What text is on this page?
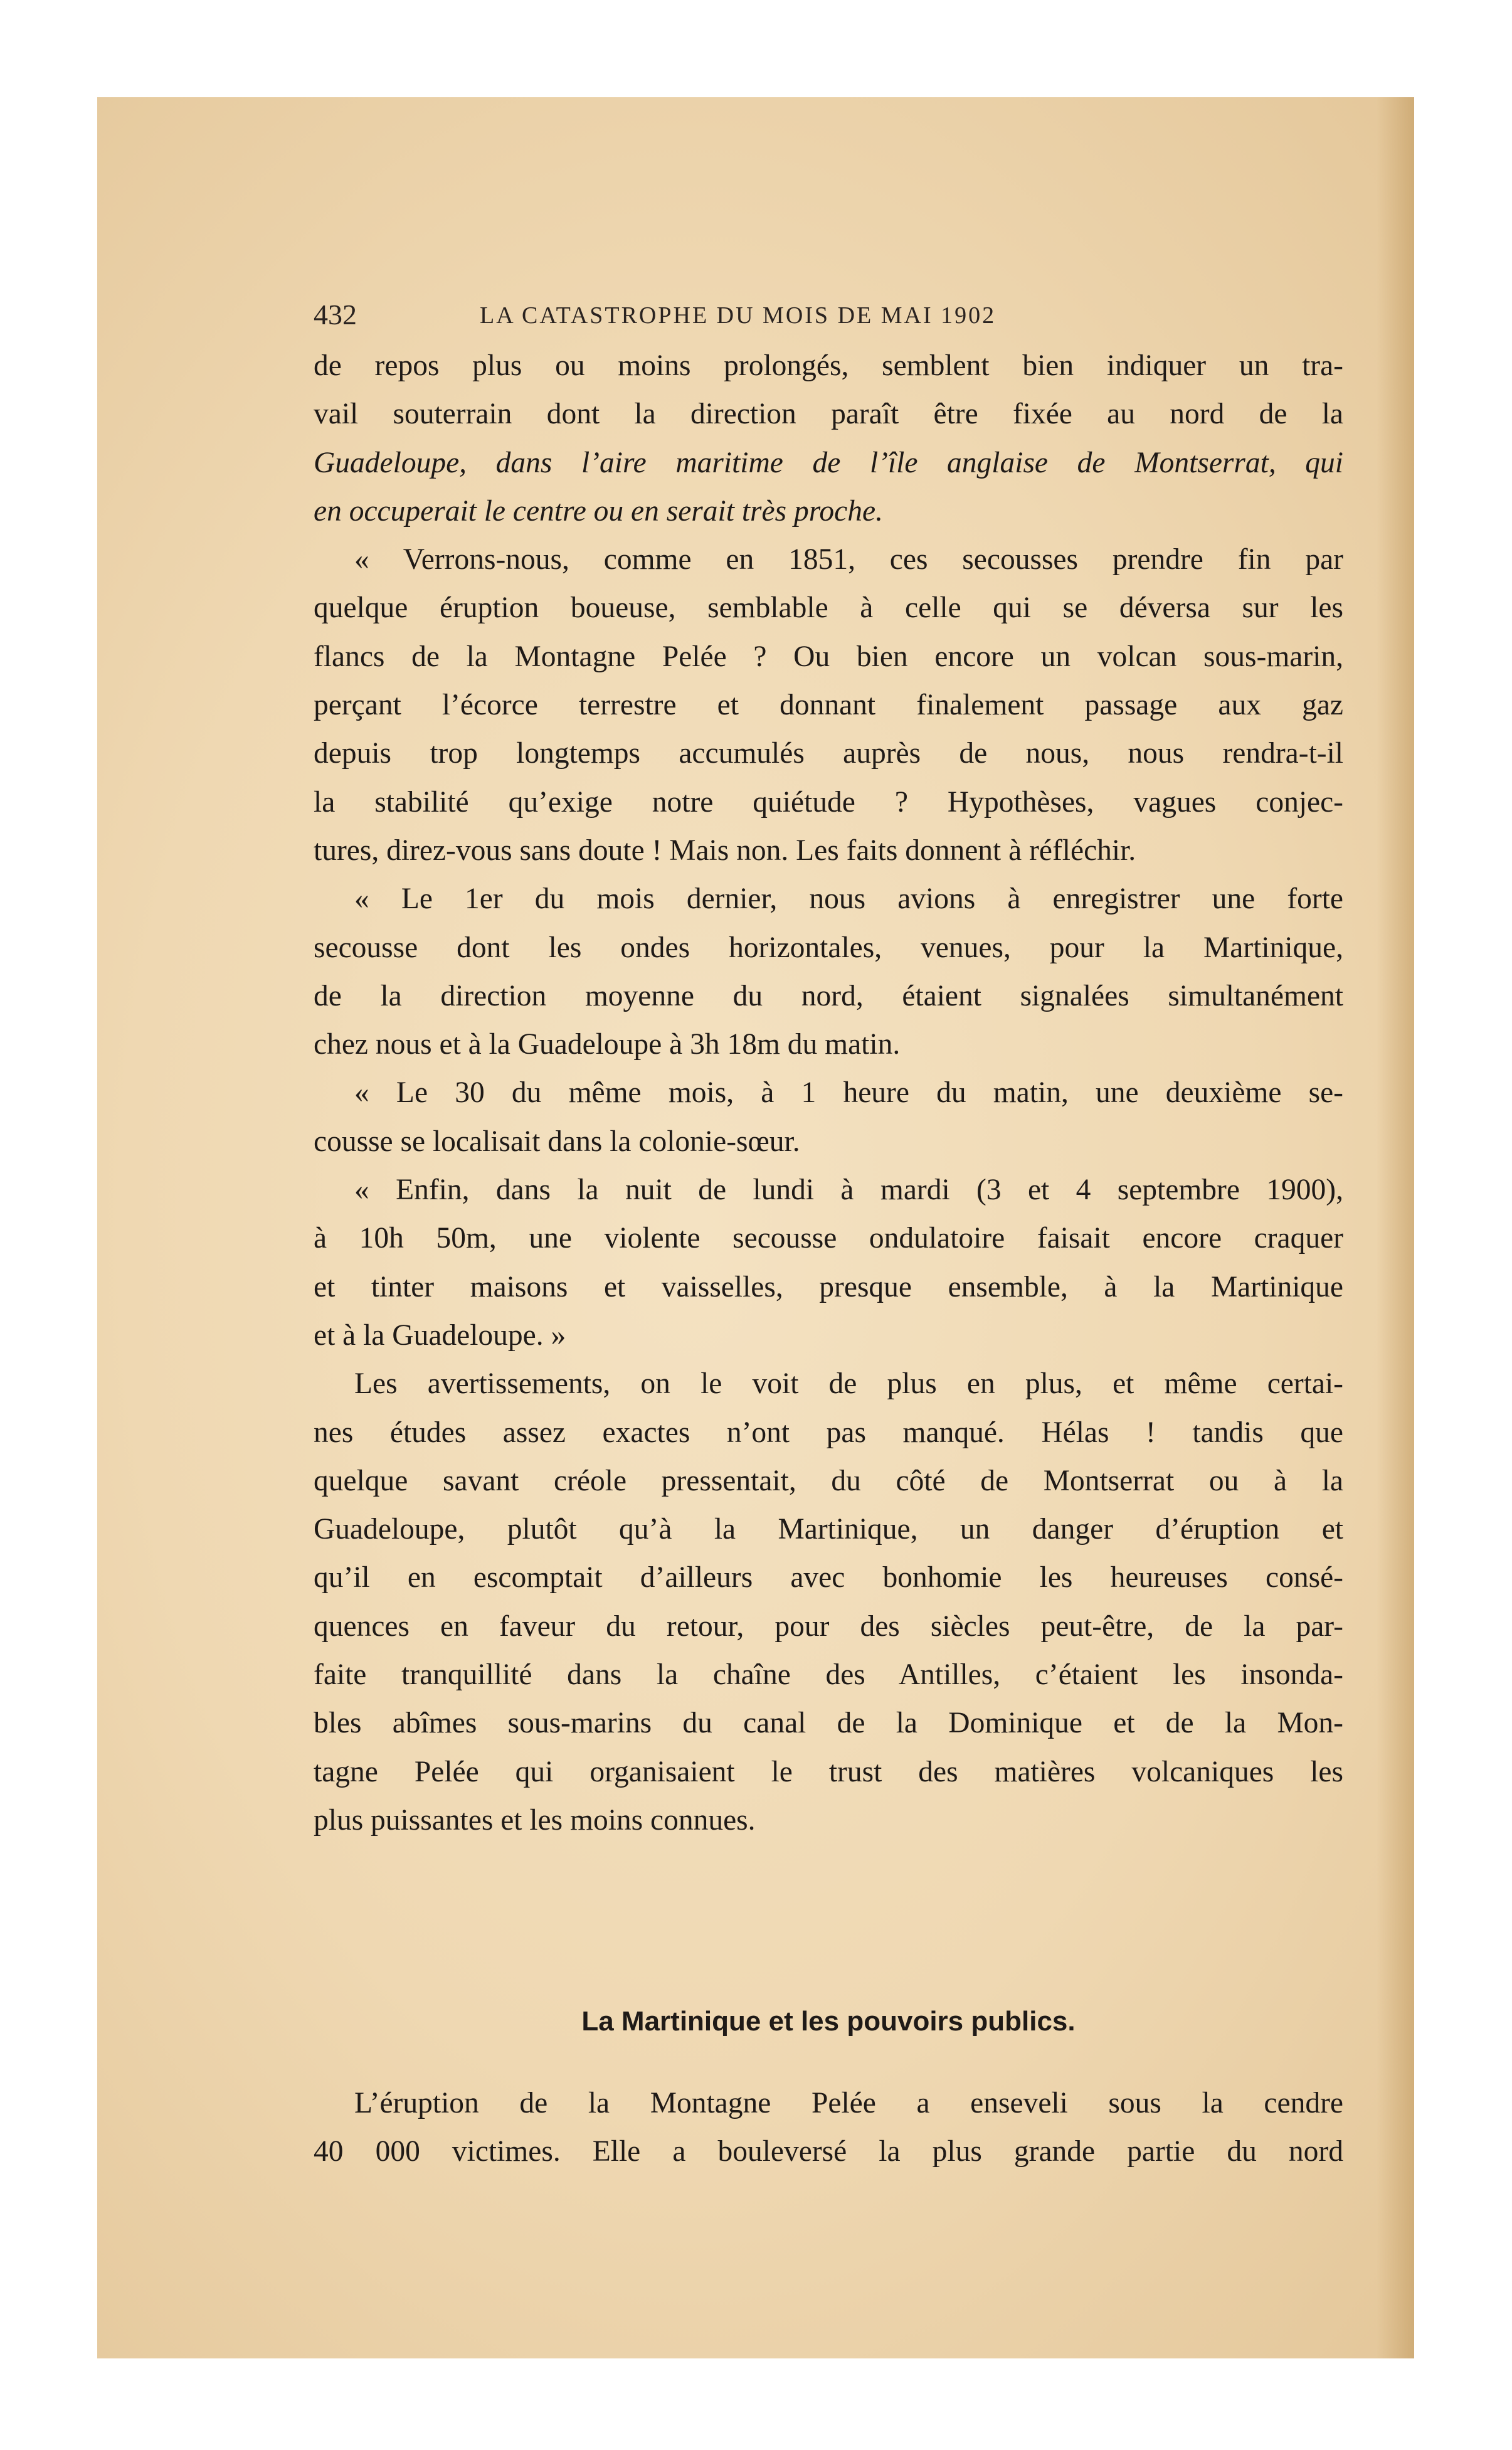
432	LA CATASTROPHE DU MOIS DE MAI 1902
de repos plus ou moins prolongés, semblent bien indiquer un tra-
vail souterrain dont la direction paraît être fixée au nord de la
Guadeloupe, dans l’aire maritime de l’île anglaise de Montserrat, qui
en occuperait le centre ou en serait très proche.
« Verrons-nous, comme en 1851, ces secousses prendre fin par
quelque éruption boueuse, semblable à celle qui se déversa sur les
flancs de la Montagne Pelée ? Ou bien encore un volcan sous-marin,
perçant l’écorce terrestre et donnant finalement passage aux gaz
depuis trop longtemps accumulés auprès de nous, nous rendra-t-il
la stabilité qu’exige notre quiétude ? Hypothèses, vagues conjec-
tures, direz-vous sans doute ! Mais non. Les faits donnent à réfléchir.
« Le 1er du mois dernier, nous avions à enregistrer une forte
secousse dont les ondes horizontales, venues, pour la Martinique,
de la direction moyenne du nord, étaient signalées simultanément
chez nous et à la Guadeloupe à 3h 18m du matin.
« Le 30 du même mois, à 1 heure du matin, une deuxième se-
cousse se localisait dans la colonie-sœur.
« Enfin, dans la nuit de lundi à mardi (3 et 4 septembre 1900),
à 10h 50m, une violente secousse ondulatoire faisait encore craquer
et tinter maisons et vaisselles, presque ensemble, à la Martinique
et à la Guadeloupe. »
Les avertissements, on le voit de plus en plus, et même certai-
nes études assez exactes n’ont pas manqué. Hélas ! tandis que
quelque savant créole pressentait, du côté de Montserrat ou à la
Guadeloupe, plutôt qu’à la Martinique, un danger d’éruption et
qu’il en escomptait d’ailleurs avec bonhomie les heureuses consé-
quences en faveur du retour, pour des siècles peut-être, de la par-
faite tranquillité dans la chaîne des Antilles, c’étaient les insonda-
bles abîmes sous-marins du canal de la Dominique et de la Mon-
tagne Pelée qui organisaient le trust des matières volcaniques les
plus puissantes et les moins connues.
La Martinique et les pouvoirs publics.
L’éruption de la Montagne Pelée a enseveli sous la cendre
40 000 victimes. Elle a bouleversé la plus grande partie du nord
